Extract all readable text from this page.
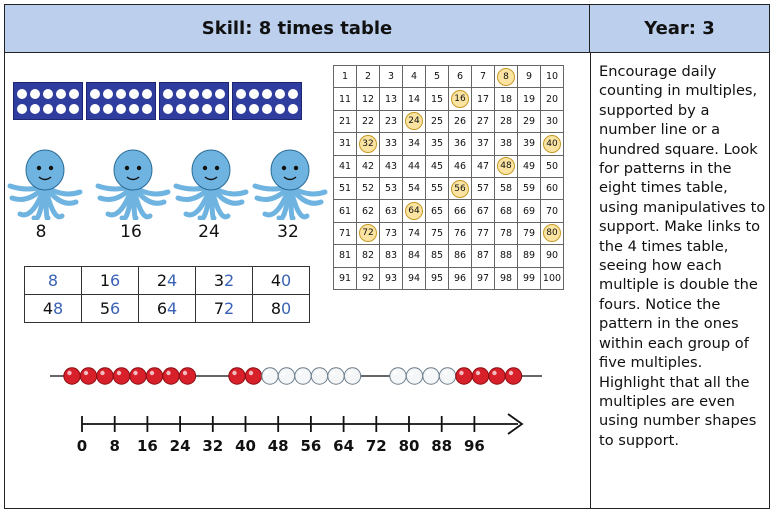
Skill: 8 times table	Year: 3
Encourage daily counting in multiples, supported by a number line or a hundred square. Look for patterns in the eight times table, using manipulatives to support. Make links to the 4 times table, seeing how each multiple is double the fours. Notice the pattern in the ones within each group of five multiples. Highlight that all the multiples are even using number shapes to support.
8	16	24	32
8	16	24	32	40
48	56	64	72	80
1	2	3	4	5	6	7	8	9	10
11	12	13	14	15	16	17	18	19	20
21	22	23	24	25	26	27	28	29	30
31	32	33	34	35	36	37	38	39	40
41	42	43	44	45	46	47	48	49	50
51	52	53	54	55	56	57	58	59	60
61	62	63	64	65	66	67	68	69	70
71	72	73	74	75	76	77	78	79	80
81	82	83	84	85	86	87	88	89	90
91	92	93	94	95	96	97	98	99	100
0 8 16 24 32 40 48 56 64 72 80 88 96
